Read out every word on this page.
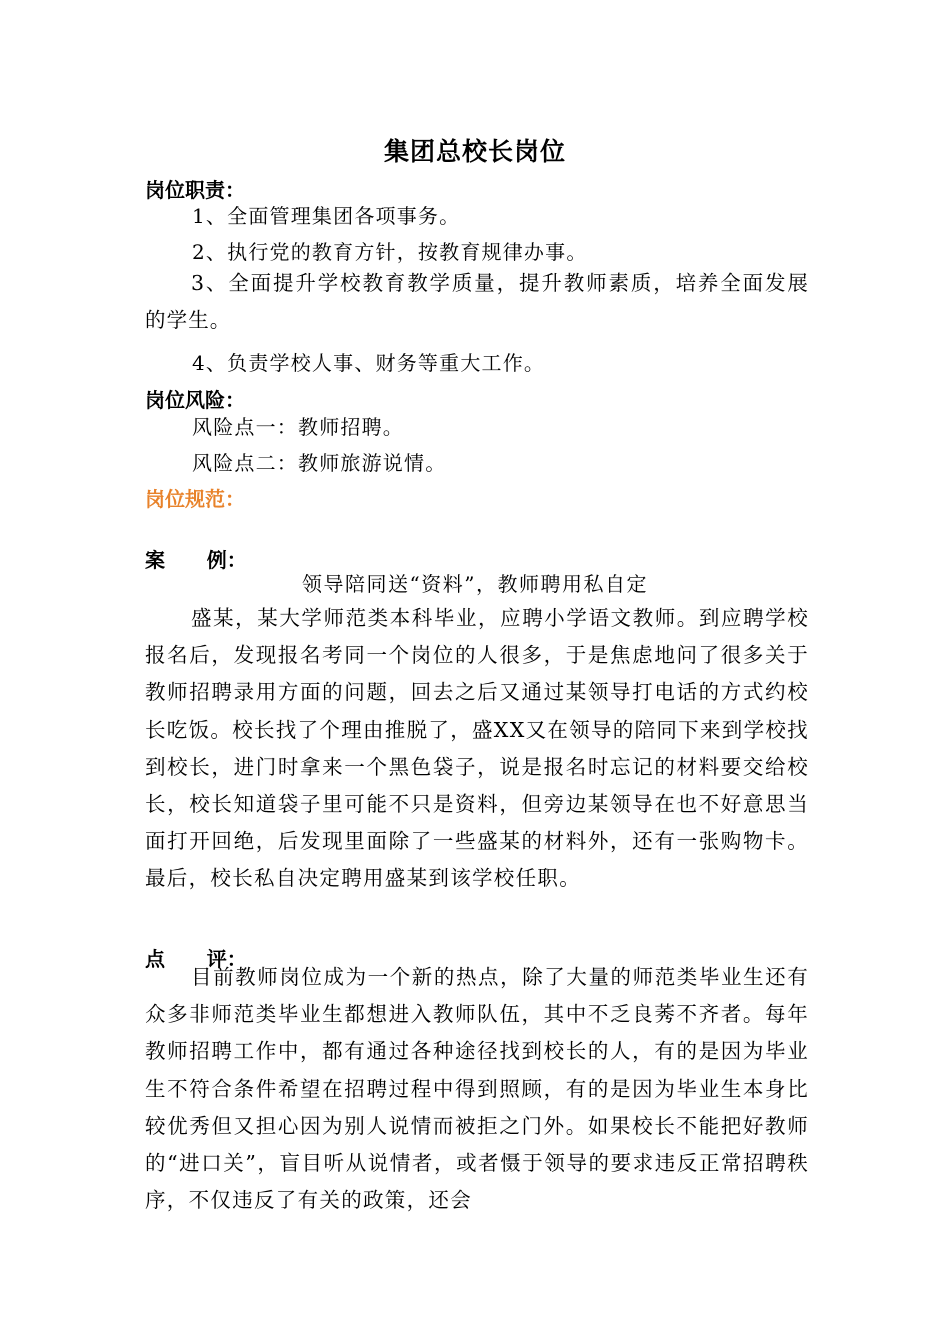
集团总校长岗位
岗位职责：
1、全面管理集团各项事务。
2、执行党的教育方针，按教育规律办事。
3、全面提升学校教育教学质量，提升教师素质，培养全面发展的学生。
4、负责学校人事、财务等重大工作。
岗位风险：
风险点一：教师招聘。
风险点二：教师旅游说情。
岗位规范：
案      例：
领导陪同送“资料”，教师聘用私自定
盛某，某大学师范类本科毕业，应聘小学语文教师。到应聘学校报名后，发现报名考同一个岗位的人很多，于是焦虑地问了很多关于教师招聘录用方面的问题，回去之后又通过某领导打电话的方式约校长吃饭。校长找了个理由推脱了，盛XX又在领导的陪同下来到学校找到校长，进门时拿来一个黑色袋子，说是报名时忘记的材料要交给校长，校长知道袋子里可能不只是资料，但旁边某领导在也不好意思当面打开回绝，后发现里面除了一些盛某的材料外，还有一张购物卡。最后，校长私自决定聘用盛某到该学校任职。
点      评：
目前教师岗位成为一个新的热点，除了大量的师范类毕业生还有众多非师范类毕业生都想进入教师队伍，其中不乏良莠不齐者。每年教师招聘工作中，都有通过各种途径找到校长的人，有的是因为毕业生不符合条件希望在招聘过程中得到照顾，有的是因为毕业生本身比较优秀但又担心因为别人说情而被拒之门外。如果校长不能把好教师的“进口关”，盲目听从说情者，或者慑于领导的要求违反正常招聘秩序，不仅违反了有关的政策，还会
